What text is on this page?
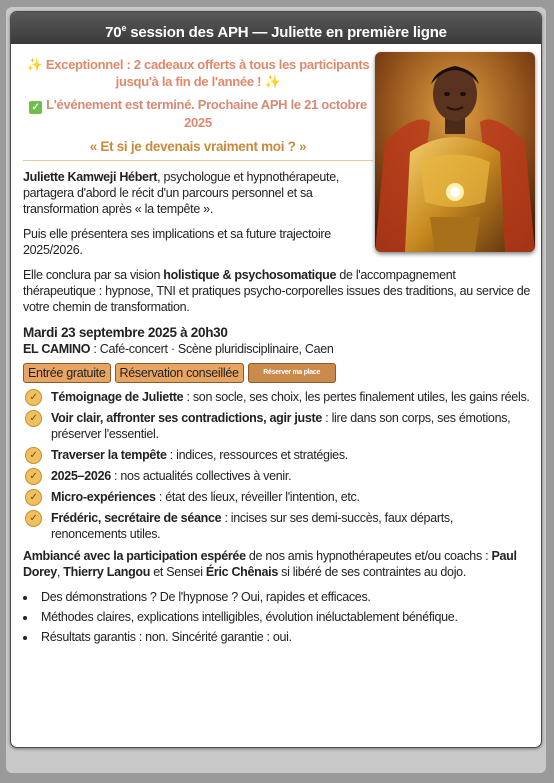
70e session des APH — Juliette en première ligne
✨ Exceptionnel : 2 cadeaux offerts à tous les participants jusqu'à la fin de l'année ! ✨
✓ L'événement est terminé. Prochaine APH le 21 octobre 2025
« Et si je devenais vraiment moi ? »

Juliette Kamweji Hébert, psychologue et hypnothérapeute, partagera d'abord le récit d'un parcours personnel et sa transformation après « la tempête ».

Puis elle présentera ses implications et sa future trajectoire 2025/2026.

Elle conclura par sa vision holistique & psychosomatique de l'accompagnement thérapeutique : hypnose, TNI et pratiques psycho-corporelles issues des traditions, au service de votre chemin de transformation.

Mardi 23 septembre 2025 à 20h30
EL CAMINO : Café-concert · Scène pluridisciplinaire, Caen
Entrée gratuite	Réservation conseillée	Réserver ma place
✓	Témoignage de Juliette : son socle, ses choix, les pertes finalement utiles, les gains réels.
✓	Voir clair, affronter ses contradictions, agir juste : lire dans son corps, ses émotions, préserver l'essentiel.
✓	Traverser la tempête : indices, ressources et stratégies.
✓	2025–2026 : nos actualités collectives à venir.
✓	Micro-expériences : état des lieux, réveiller l'intention, etc.
✓	Frédéric, secrétaire de séance : incises sur ses demi-succès, faux départs, renoncements utiles.

Ambiancé avec la participation espérée de nos amis hypnothérapeutes et/ou coachs : Paul Dorey, Thierry Langou et Sensei Éric Chênais si libéré de ses contraintes au dojo.

• Des démonstrations ? De l'hypnose ? Oui, rapides et efficaces.
• Méthodes claires, explications intelligibles, évolution inéluctablement bénéfique.
• Résultats garantis : non. Sincérité garantie : oui.
